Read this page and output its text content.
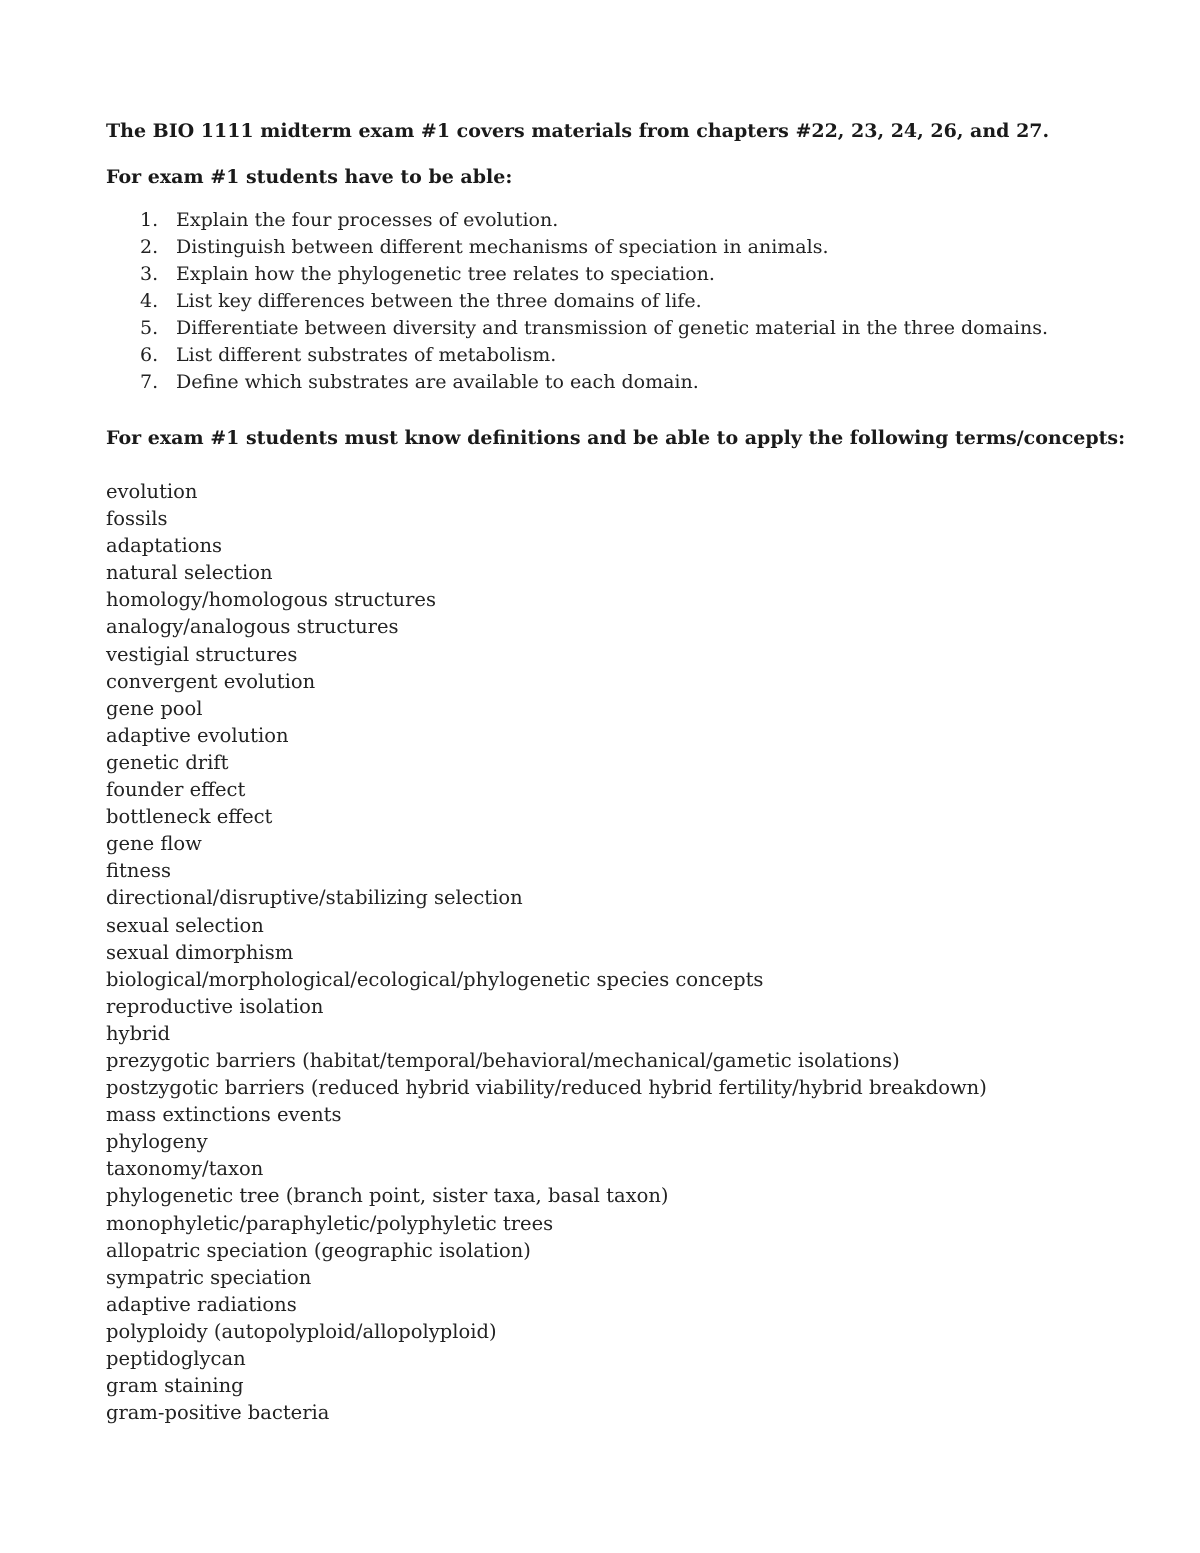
The BIO 1111 midterm exam #1 covers materials from chapters #22, 23, 24, 26, and 27.
For exam #1 students have to be able:
1. Explain the four processes of evolution.
2. Distinguish between different mechanisms of speciation in animals.
3. Explain how the phylogenetic tree relates to speciation.
4. List key differences between the three domains of life.
5. Differentiate between diversity and transmission of genetic material in the three domains.
6. List different substrates of metabolism.
7. Define which substrates are available to each domain.
For exam #1 students must know definitions and be able to apply the following terms/concepts:
evolution
fossils
adaptations
natural selection
homology/homologous structures
analogy/analogous structures
vestigial structures
convergent evolution
gene pool
adaptive evolution
genetic drift
founder effect
bottleneck effect
gene flow
fitness
directional/disruptive/stabilizing selection
sexual selection
sexual dimorphism
biological/morphological/ecological/phylogenetic species concepts
reproductive isolation
hybrid
prezygotic barriers (habitat/temporal/behavioral/mechanical/gametic isolations)
postzygotic barriers (reduced hybrid viability/reduced hybrid fertility/hybrid breakdown)
mass extinctions events
phylogeny
taxonomy/taxon
phylogenetic tree (branch point, sister taxa, basal taxon)
monophyletic/paraphyletic/polyphyletic trees
allopatric speciation (geographic isolation)
sympatric speciation
adaptive radiations
polyploidy (autopolyploid/allopolyploid)
peptidoglycan
gram staining
gram-positive bacteria
